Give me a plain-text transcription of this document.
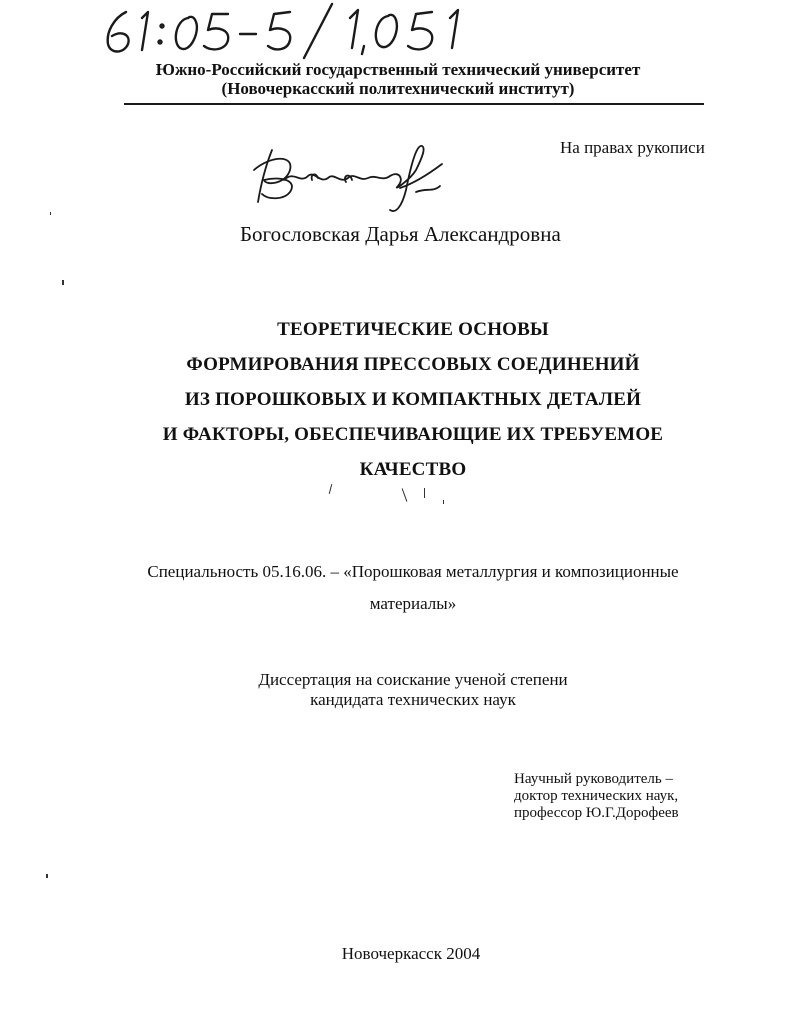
Южно-Российский государственный технический университет
(Новочеркасский политехнический институт)
На правах рукописи
Богословская Дарья Александровна
ТЕОРЕТИЧЕСКИЕ ОСНОВЫ
ФОРМИРОВАНИЯ ПРЕССОВЫХ СОЕДИНЕНИЙ
ИЗ ПОРОШКОВЫХ И КОМПАКТНЫХ ДЕТАЛЕЙ
И ФАКТОРЫ, ОБЕСПЕЧИВАЮЩИЕ ИХ ТРЕБУЕМОЕ
КАЧЕСТВО
Специальность 05.16.06. – «Порошковая металлургия и композиционные материалы»
Диссертация на соискание ученой степени
кандидата технических наук
Научный руководитель –
доктор технических наук,
профессор Ю.Г.Дорофеев
Новочеркасск 2004
